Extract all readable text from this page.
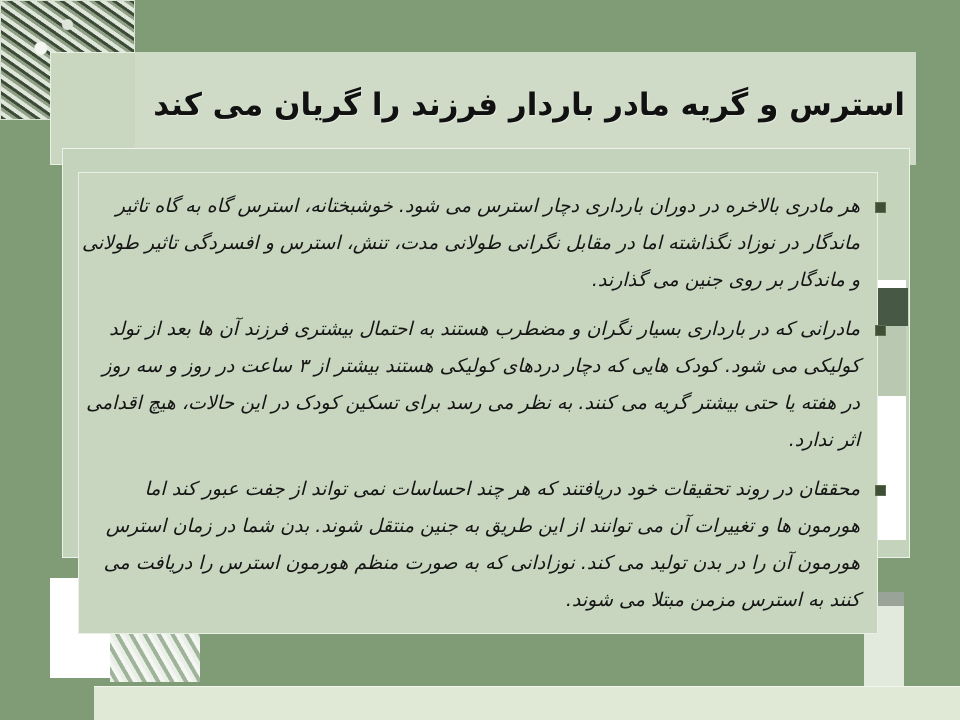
استرس و گریه مادر باردار فرزند را گریان می کند
هر مادری بالاخره در دوران بارداری دچار استرس می شود. خوشبختانه، استرس گاه به گاه تاثیر ماندگار در نوزاد نگذاشته اما در مقابل نگرانی طولانی مدت، تنش، استرس و افسردگی تاثیر طولانی و ماندگار بر روی جنین می گذارند.
مادرانی که در بارداری بسیار نگران و مضطرب هستند به احتمال بیشتری فرزند آن ها بعد از تولد کولیکی می شود. کودک هایی که دچار دردهای کولیکی هستند بیشتر از ۳ ساعت در روز و سه روز در هفته یا حتی بیشتر گریه می کنند. به نظر می رسد برای تسکین کودک در این حالات، هیچ اقدامی اثر ندارد.
محققان در روند تحقیقات خود دریافتند که هر چند احساسات نمی تواند از جفت عبور کند اما هورمون ها و تغییرات آن می توانند از این طریق به جنین منتقل شوند. بدن شما در زمان استرس هورمون آن را در بدن تولید می کند. نوزادانی که به صورت منظم هورمون استرس را دریافت می کنند به استرس مزمن مبتلا می شوند.
